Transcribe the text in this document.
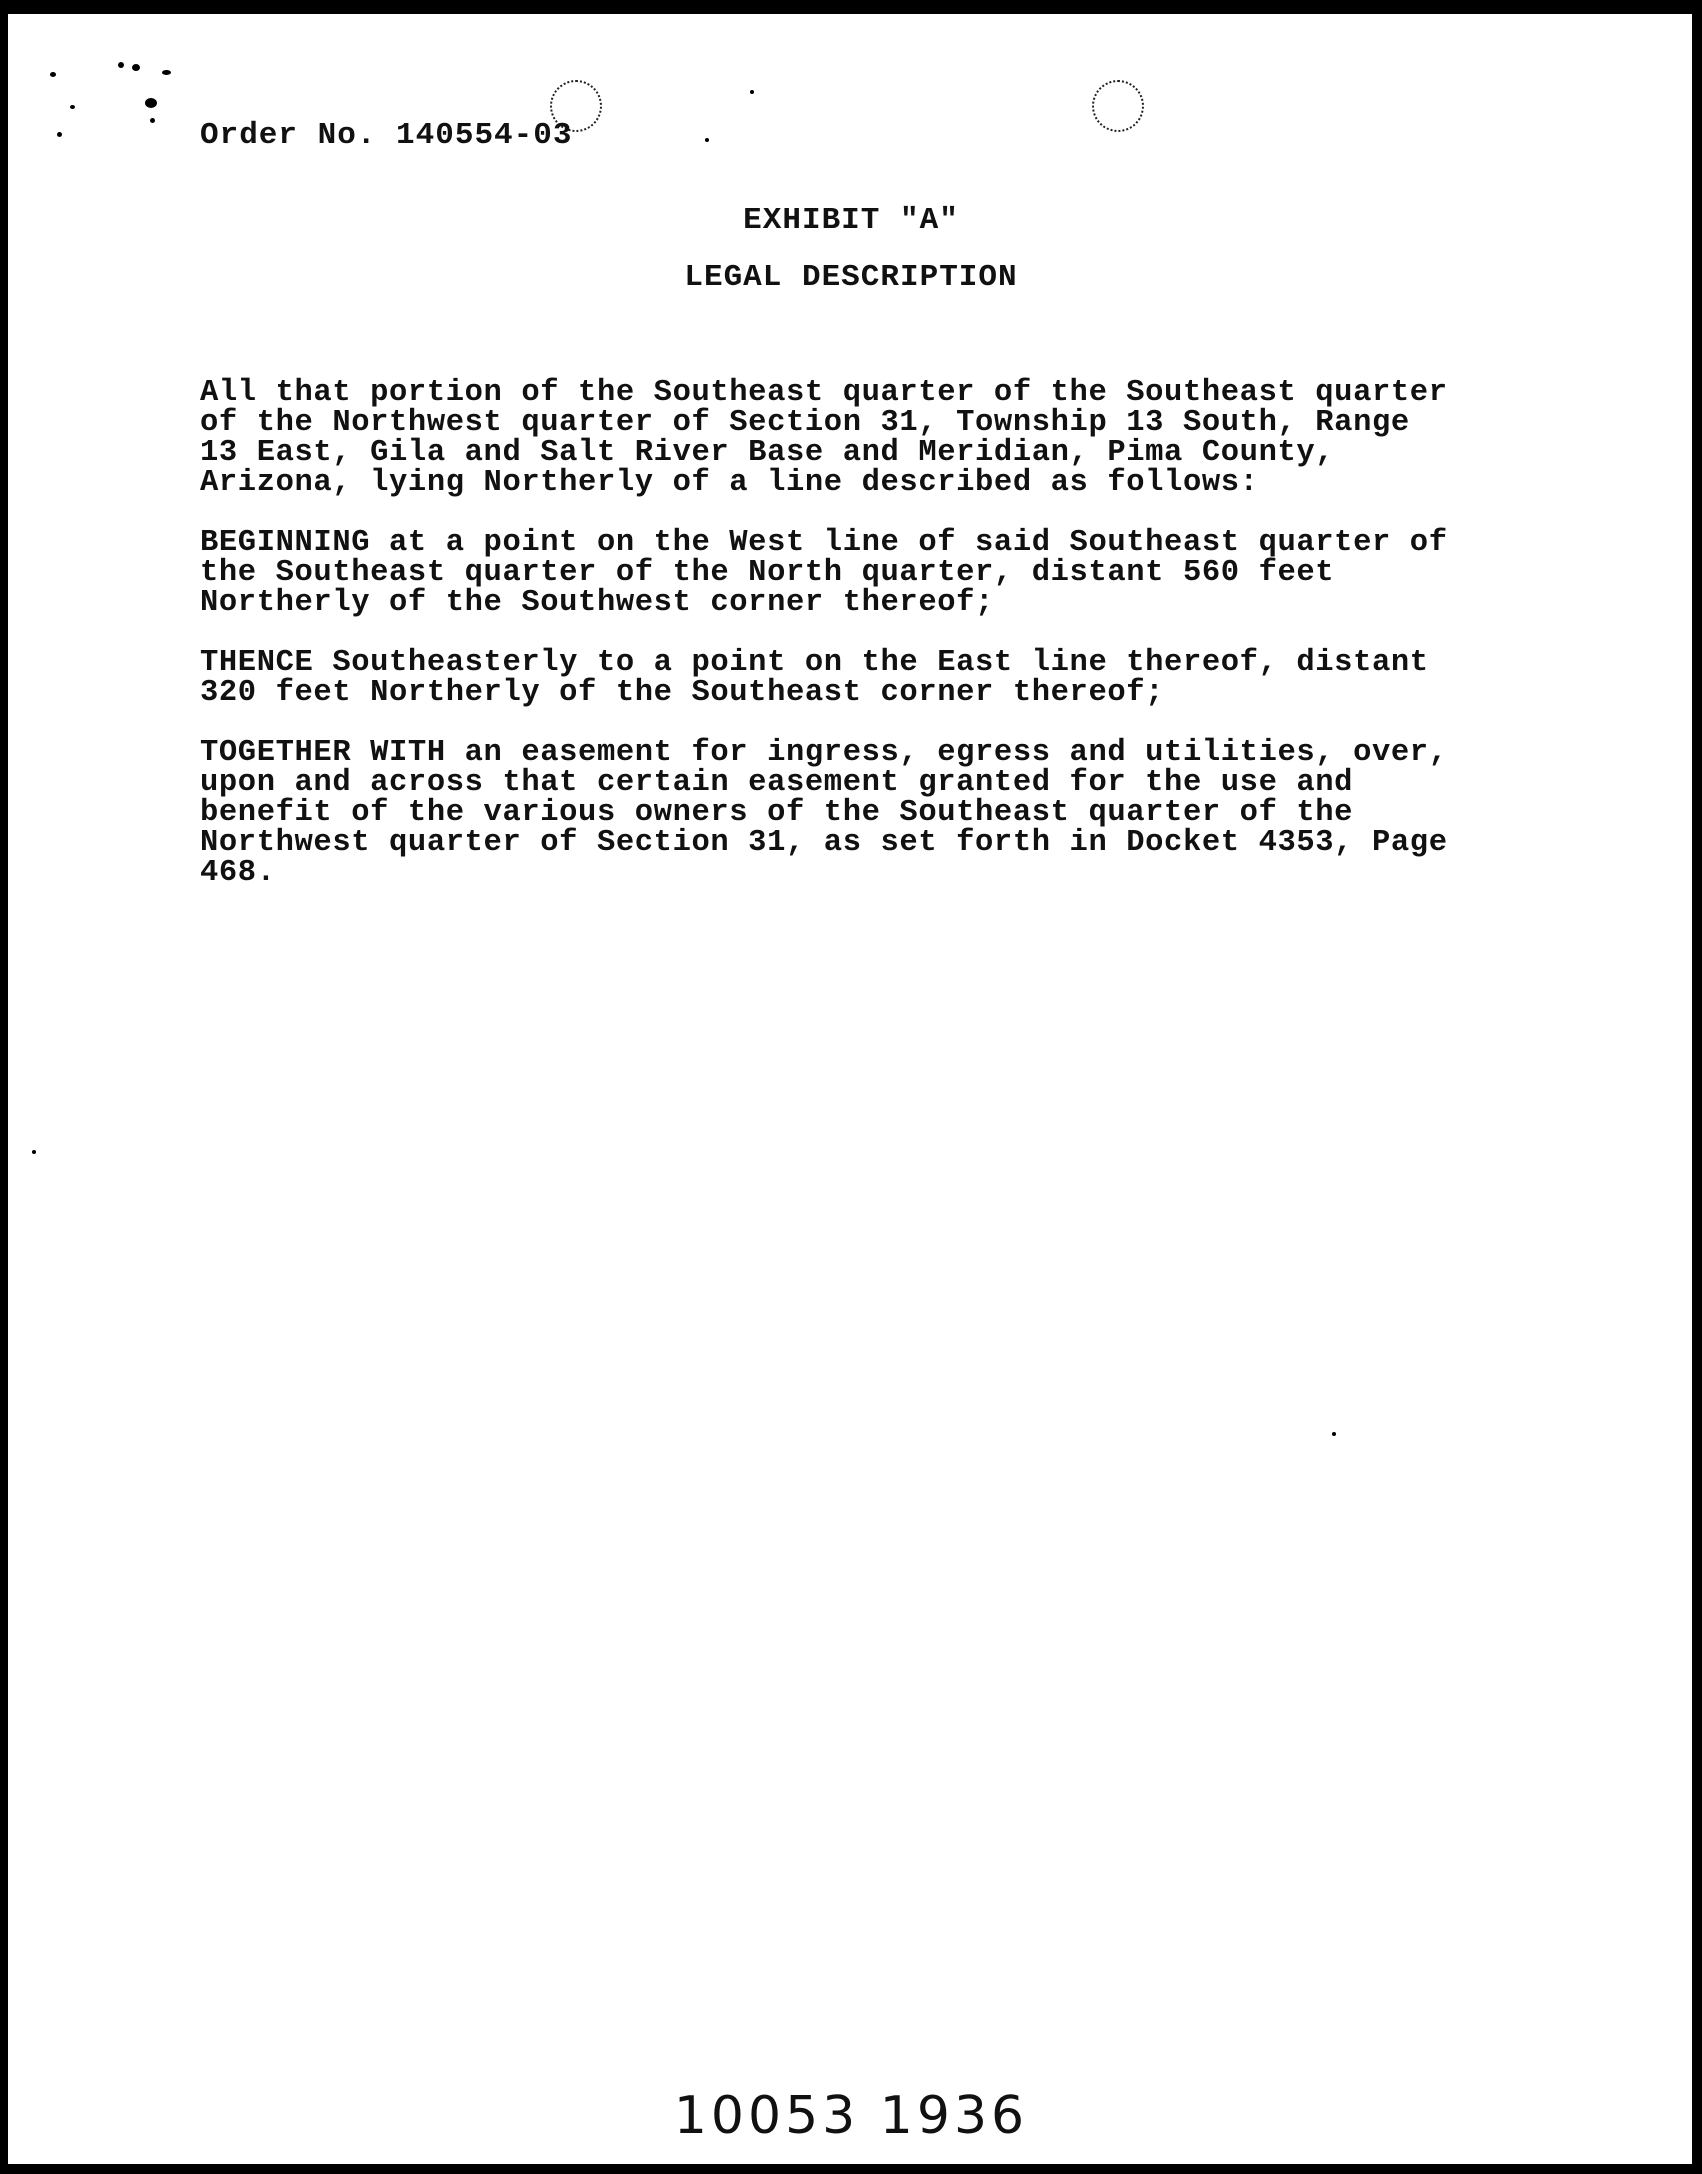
Order No. 140554-03
EXHIBIT "A"
LEGAL DESCRIPTION

All that portion of the Southeast quarter of the Southeast quarter
of the Northwest quarter of Section 31, Township 13 South, Range
13 East, Gila and Salt River Base and Meridian, Pima County,
Arizona, lying Northerly of a line described as follows:

BEGINNING at a point on the West line of said Southeast quarter of
the Southeast quarter of the North quarter, distant 560 feet
Northerly of the Southwest corner thereof;

THENCE Southeasterly to a point on the East line thereof, distant
320 feet Northerly of the Southeast corner thereof;

TOGETHER WITH an easement for ingress, egress and utilities, over,
upon and across that certain easement granted for the use and
benefit of the various owners of the Southeast quarter of the
Northwest quarter of Section 31, as set forth in Docket 4353, Page
468.

10053 1936
